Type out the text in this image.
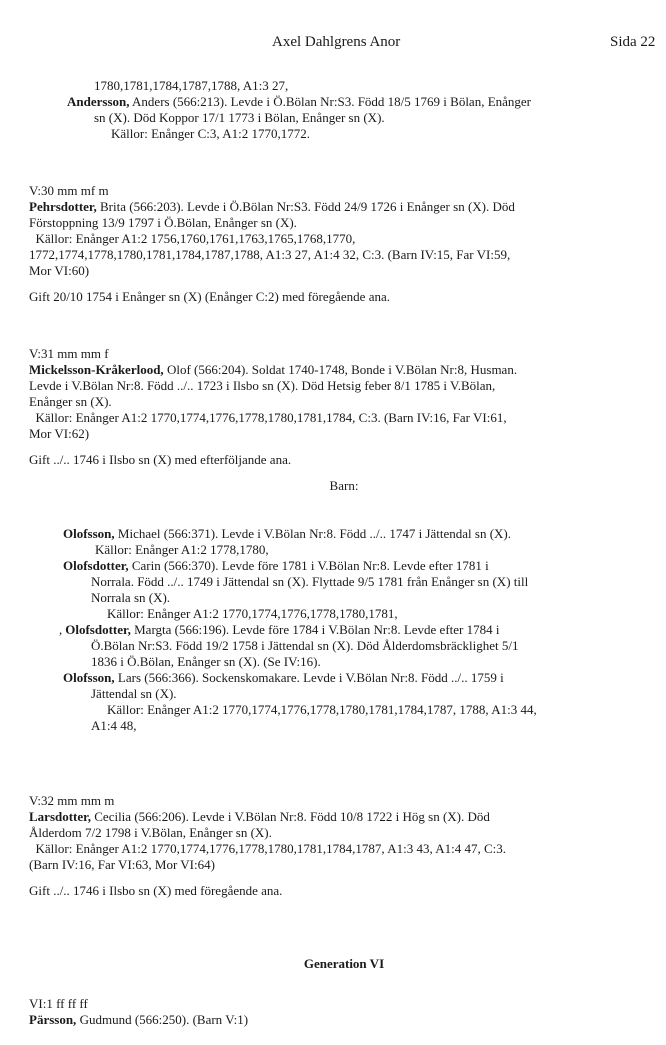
Axel Dahlgrens Anor	Sida 22

1780,1781,1784,1787,1788, A1:3 27,

Andersson, Anders (566:213). Levde i Ö.Bölan Nr:S3. Född 18/5 1769 i Bölan, Enånger

sn (X). Död Koppor 17/1 1773 i Bölan, Enånger sn (X).

Källor: Enånger C:3, A1:2 1770,1772.

V:30 mm mf m

Pehrsdotter, Brita (566:203). Levde i Ö.Bölan Nr:S3. Född 24/9 1726 i Enånger sn (X). Död

Förstoppning 13/9 1797 i Ö.Bölan, Enånger sn (X).

Källor: Enånger A1:2 1756,1760,1761,1763,1765,1768,1770,

1772,1774,1778,1780,1781,1784,1787,1788, A1:3 27, A1:4 32, C:3. (Barn IV:15, Far VI:59,

Mor VI:60)

Gift 20/10 1754 i Enånger sn (X) (Enånger C:2) med föregående ana.

V:31 mm mm f

Mickelsson-Kråkerlood, Olof (566:204). Soldat 1740-1748, Bonde i V.Bölan Nr:8, Husman.

Levde i V.Bölan Nr:8. Född ../.. 1723 i Ilsbo sn (X). Död Hetsig feber 8/1 1785 i V.Bölan,

Enånger sn (X).

Källor: Enånger A1:2 1770,1774,1776,1778,1780,1781,1784, C:3. (Barn IV:16, Far VI:61,

Mor VI:62)

Gift ../.. 1746 i Ilsbo sn (X) med efterföljande ana.

Barn:

Olofsson, Michael (566:371). Levde i V.Bölan Nr:8. Född ../.. 1747 i Jättendal sn (X).

Källor: Enånger A1:2 1778,1780,

Olofsdotter, Carin (566:370). Levde före 1781 i V.Bölan Nr:8. Levde efter 1781 i

Norrala. Född ../.. 1749 i Jättendal sn (X). Flyttade 9/5 1781 från Enånger sn (X) till

Norrala sn (X).

Källor: Enånger A1:2 1770,1774,1776,1778,1780,1781,

, Olofsdotter, Margta (566:196). Levde före 1784 i V.Bölan Nr:8. Levde efter 1784 i

Ö.Bölan Nr:S3. Född 19/2 1758 i Jättendal sn (X). Död Ålderdomsbräcklighet 5/1

1836 i Ö.Bölan, Enånger sn (X). (Se IV:16).

Olofsson, Lars (566:366). Sockenskomakare. Levde i V.Bölan Nr:8. Född ../.. 1759 i

Jättendal sn (X).

Källor: Enånger A1:2 1770,1774,1776,1778,1780,1781,1784,1787, 1788, A1:3 44,

A1:4 48,

V:32 mm mm m

Larsdotter, Cecilia (566:206). Levde i V.Bölan Nr:8. Född 10/8 1722 i Hög sn (X). Död

Ålderdom 7/2 1798 i V.Bölan, Enånger sn (X).

Källor: Enånger A1:2 1770,1774,1776,1778,1780,1781,1784,1787, A1:3 43, A1:4 47, C:3.

(Barn IV:16, Far VI:63, Mor VI:64)

Gift ../.. 1746 i Ilsbo sn (X) med föregående ana.

Generation VI

VI:1 ff ff ff

Pärsson, Gudmund (566:250). (Barn V:1)
